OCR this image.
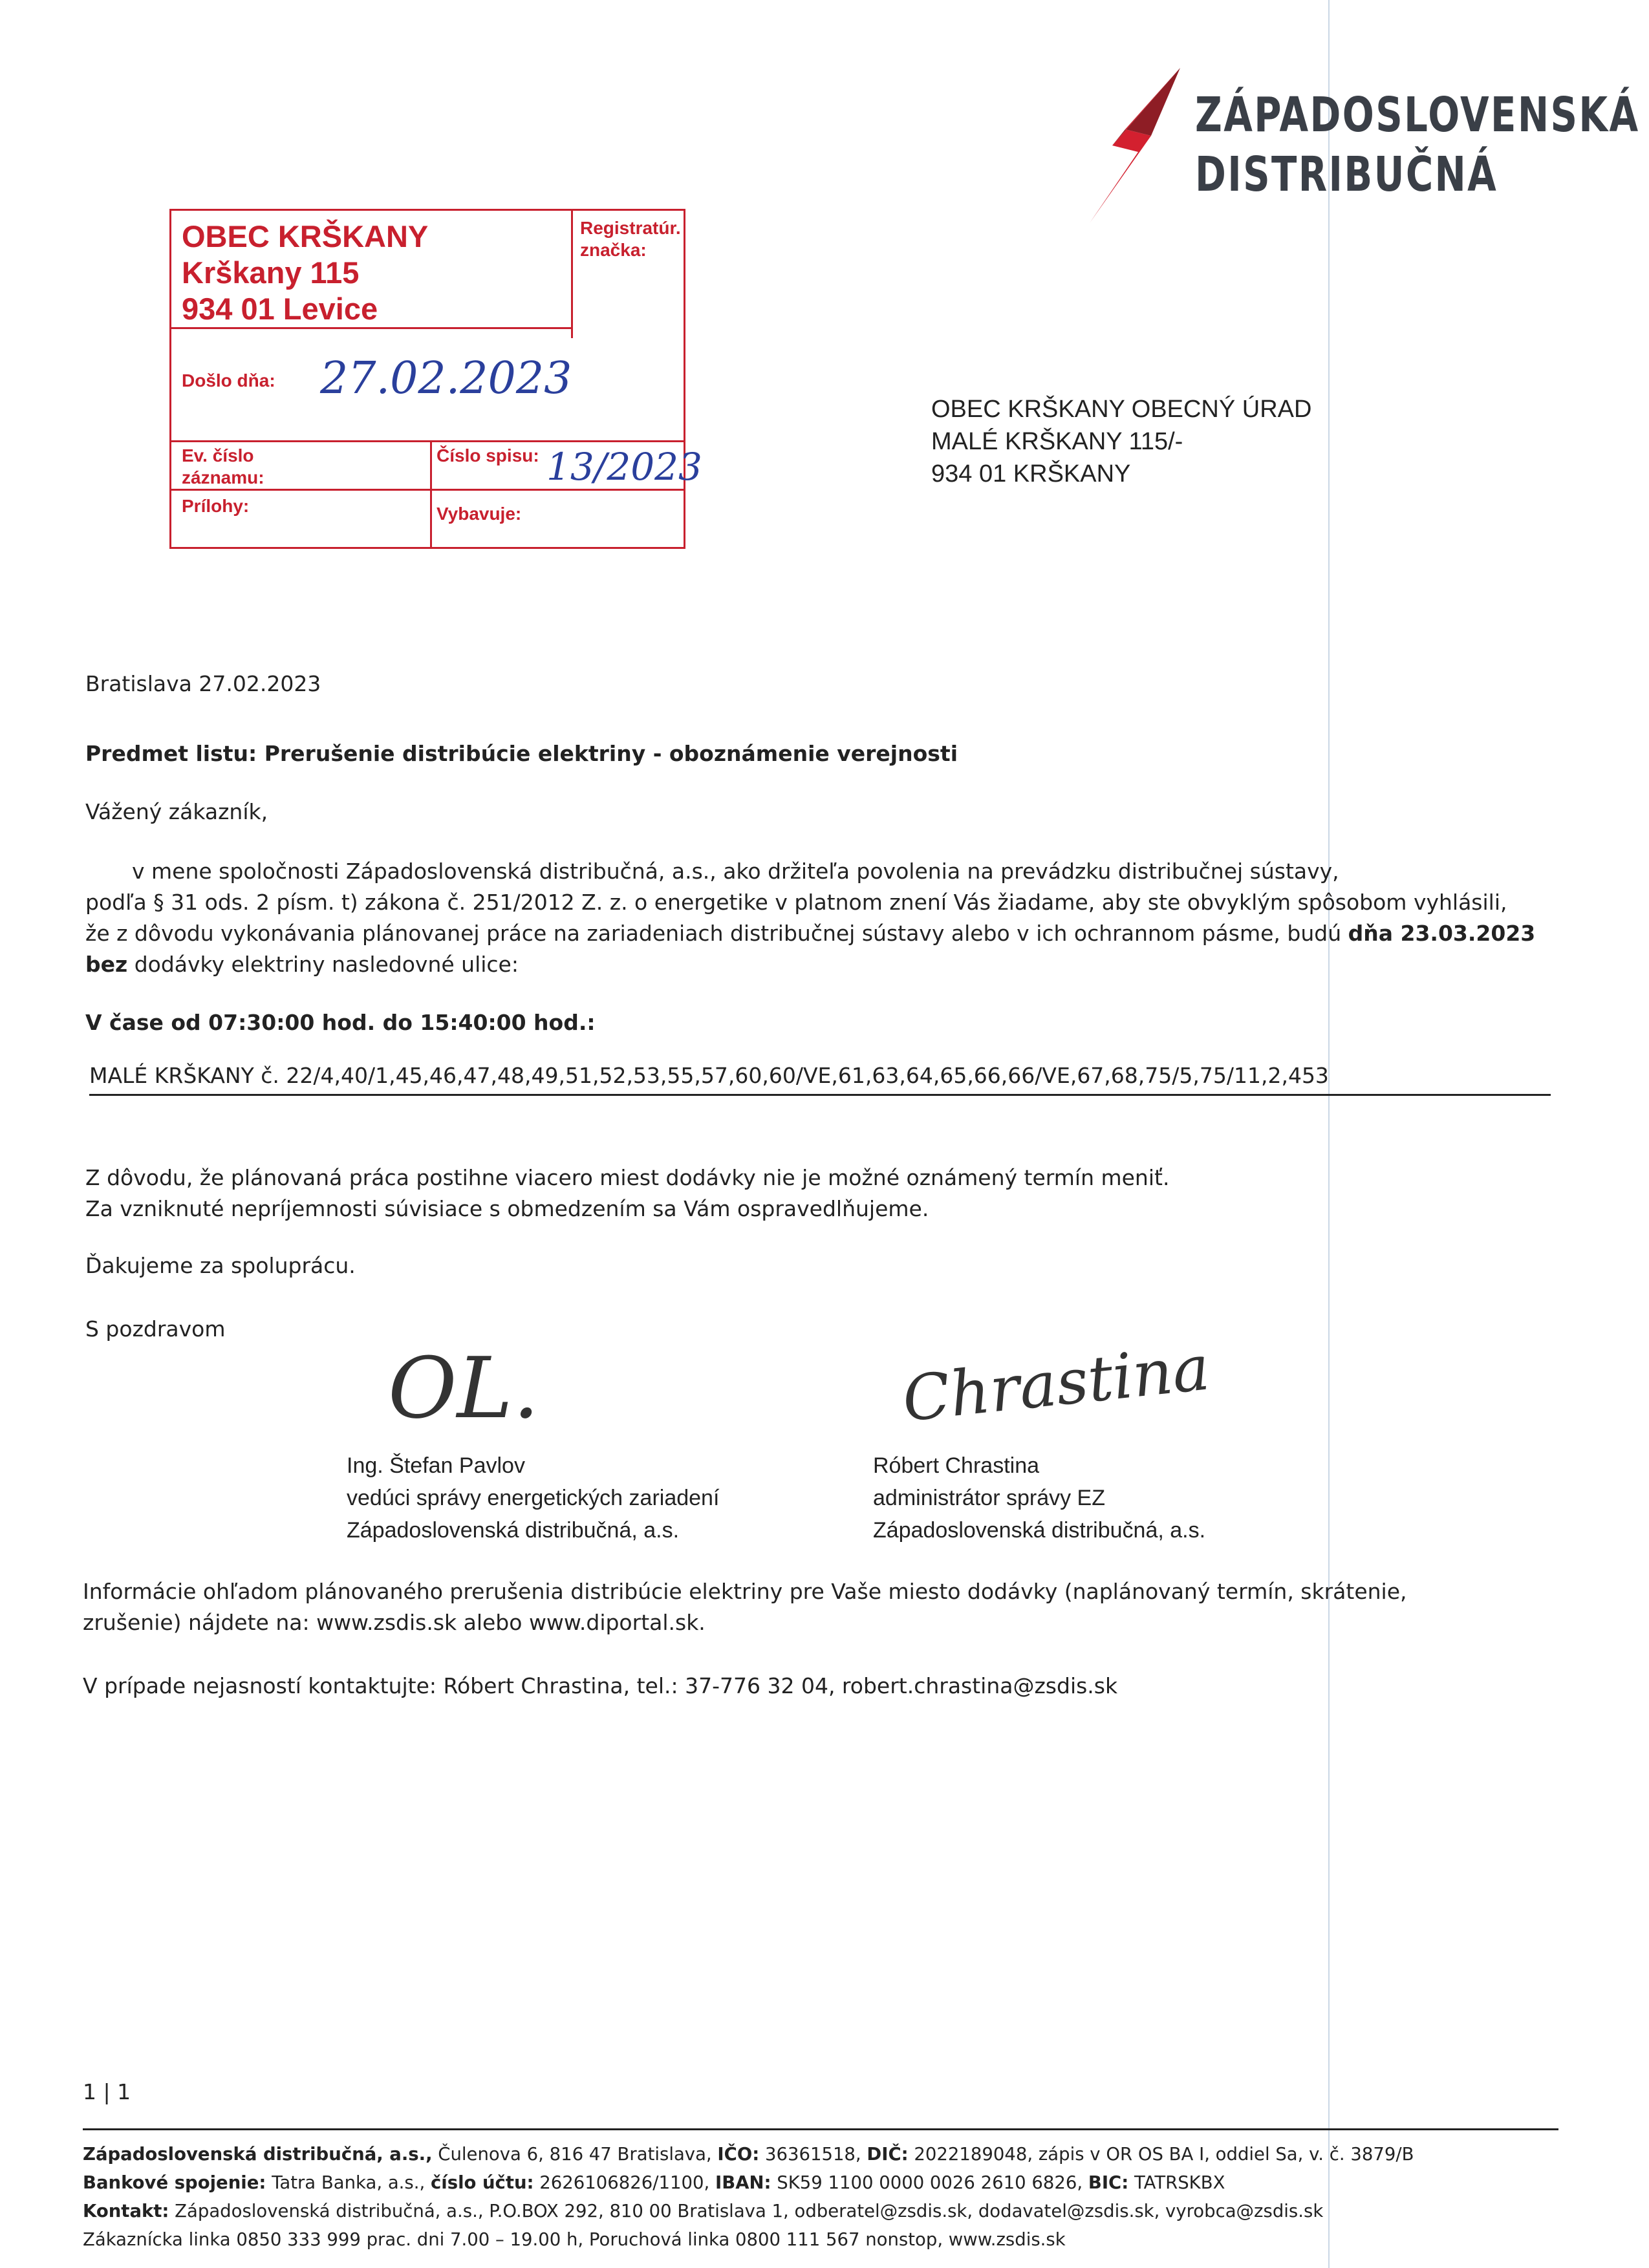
ZÁPADOSLOVENSKÁ
DISTRIBUČNÁ
OBEC KRŠKANY
Krškany 115
934 01 Levice
Registratúr.
značka:
Došlo dňa: 27.02.2023
Ev. číslo
záznamu:
Číslo spisu: 13/2023
Prílohy:	Vybavuje:
OBEC KRŠKANY OBECNÝ ÚRAD
MALÉ KRŠKANY 115/-
934 01 KRŠKANY
Bratislava 27.02.2023
Predmet listu: Prerušenie distribúcie elektriny - oboznámenie verejnosti
Vážený zákazník,
v mene spoločnosti Západoslovenská distribučná, a.s., ako držiteľa povolenia na prevádzku distribučnej sústavy,
podľa § 31 ods. 2 písm. t) zákona č. 251/2012 Z. z. o energetike v platnom znení Vás žiadame, aby ste obvyklým spôsobom vyhlásili,
že z dôvodu vykonávania plánovanej práce na zariadeniach distribučnej sústavy alebo v ich ochrannom pásme, budú dňa 23.03.2023
bez dodávky elektriny nasledovné ulice:
V čase od 07:30:00 hod. do 15:40:00 hod.:
MALÉ KRŠKANY č. 22/4,40/1,45,46,47,48,49,51,52,53,55,57,60,60/VE,61,63,64,65,66,66/VE,67,68,75/5,75/11,2,453
Z dôvodu, že plánovaná práca postihne viacero miest dodávky nie je možné oznámený termín meniť.
Za vzniknuté nepríjemnosti súvisiace s obmedzením sa Vám ospravedlňujeme.
Ďakujeme za spoluprácu.
S pozdravom
OL.	Chrastina
Ing. Štefan Pavlov
vedúci správy energetických zariadení
Západoslovenská distribučná, a.s.
Róbert Chrastina
administrátor správy EZ
Západoslovenská distribučná, a.s.
Informácie ohľadom plánovaného prerušenia distribúcie elektriny pre Vaše miesto dodávky (naplánovaný termín, skrátenie,
zrušenie) nájdete na: www.zsdis.sk alebo www.diportal.sk.
V prípade nejasností kontaktujte: Róbert Chrastina, tel.: 37-776 32 04, robert.chrastina@zsdis.sk
1 | 1
Západoslovenská distribučná, a.s., Čulenova 6, 816 47 Bratislava, IČO: 36361518, DIČ: 2022189048, zápis v OR OS BA I, oddiel Sa, v. č. 3879/B
Bankové spojenie: Tatra Banka, a.s., číslo účtu: 2626106826/1100, IBAN: SK59 1100 0000 0026 2610 6826, BIC: TATRSKBX
Kontakt: Západoslovenská distribučná, a.s., P.O.BOX 292, 810 00 Bratislava 1, odberatel@zsdis.sk, dodavatel@zsdis.sk, vyrobca@zsdis.sk
Zákaznícka linka 0850 333 999 prac. dni 7.00 – 19.00 h, Poruchová linka 0800 111 567 nonstop, www.zsdis.sk
